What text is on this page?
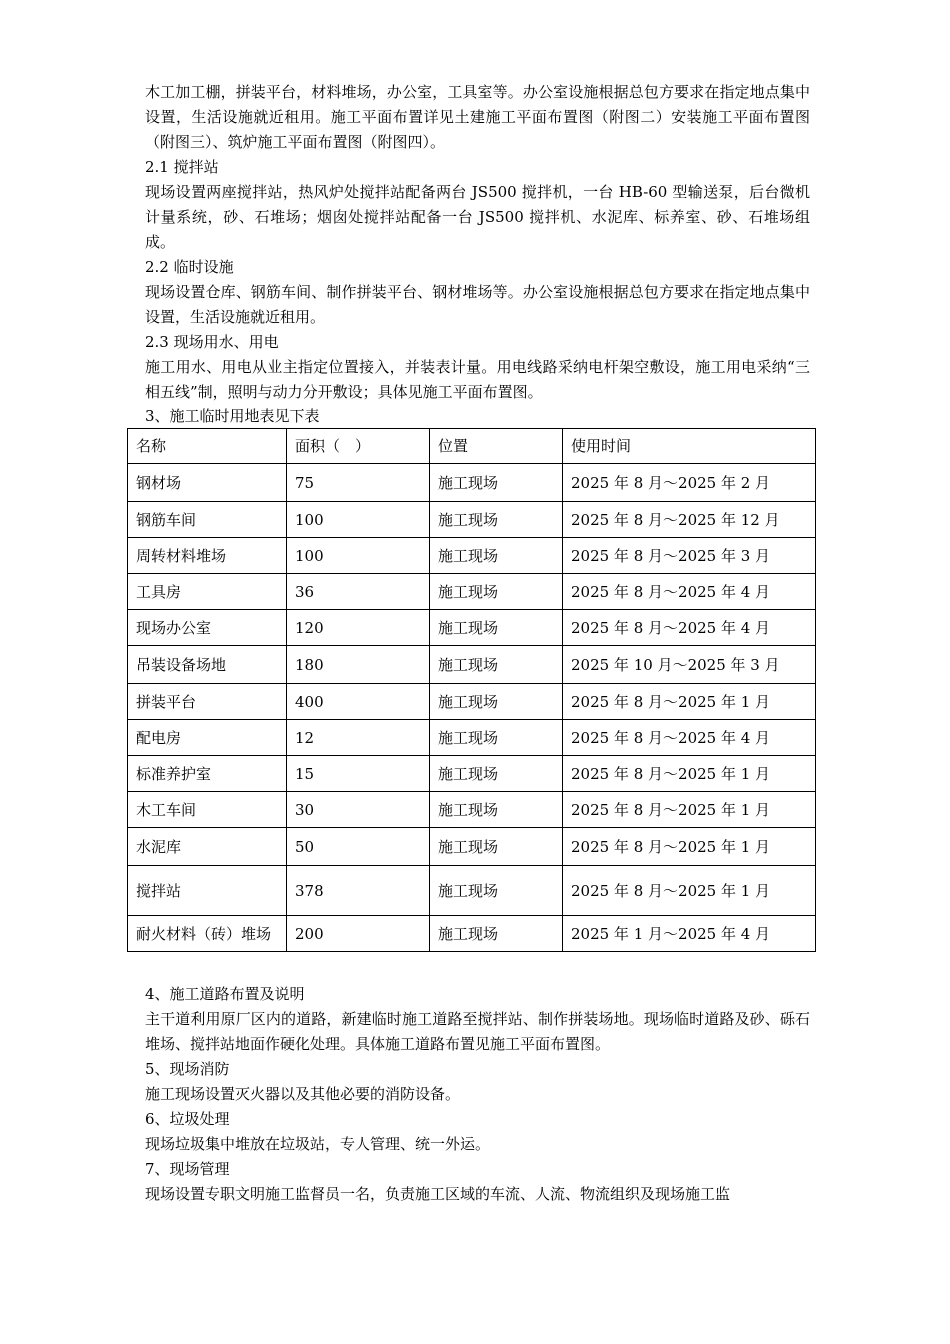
木工加工棚，拼装平台，材料堆场，办公室，工具室等。办公室设施根据总包方要求在指定地点集中设置，生活设施就近租用。施工平面布置详见土建施工平面布置图（附图二）安装施工平面布置图（附图三）、筑炉施工平面布置图（附图四）。

2.1 搅拌站

现场设置两座搅拌站，热风炉处搅拌站配备两台 JS500 搅拌机，一台 HB-60 型输送泵，后台微机计量系统，砂、石堆场；烟囱处搅拌站配备一台 JS500 搅拌机、水泥库、标养室、砂、石堆场组成。

2.2 临时设施

现场设置仓库、钢筋车间、制作拼装平台、钢材堆场等。办公室设施根据总包方要求在指定地点集中设置，生活设施就近租用。

2.3 现场用水、用电

施工用水、用电从业主指定位置接入，并装表计量。用电线路采纳电杆架空敷设，施工用电采纳“三相五线”制，照明与动力分开敷设；具体见施工平面布置图。

3、施工临时用地表见下表

名称	面积（　）	位置	使用时间
钢材场	75	施工现场	2025 年 8 月～2025 年 2 月
钢筋车间	100	施工现场	2025 年 8 月～2025 年 12 月
周转材料堆场	100	施工现场	2025 年 8 月～2025 年 3 月
工具房	36	施工现场	2025 年 8 月～2025 年 4 月
现场办公室	120	施工现场	2025 年 8 月～2025 年 4 月
吊装设备场地	180	施工现场	2025 年 10 月～2025 年 3 月
拼装平台	400	施工现场	2025 年 8 月～2025 年 1 月
配电房	12	施工现场	2025 年 8 月～2025 年 4 月
标准养护室	15	施工现场	2025 年 8 月～2025 年 1 月
木工车间	30	施工现场	2025 年 8 月～2025 年 1 月
水泥库	50	施工现场	2025 年 8 月～2025 年 1 月
搅拌站	378	施工现场	2025 年 8 月～2025 年 1 月
耐火材料（砖）堆场	200	施工现场	2025 年 1 月～2025 年 4 月

4、施工道路布置及说明

主干道利用原厂区内的道路，新建临时施工道路至搅拌站、制作拼装场地。现场临时道路及砂、砾石堆场、搅拌站地面作硬化处理。具体施工道路布置见施工平面布置图。

5、现场消防

施工现场设置灭火器以及其他必要的消防设备。

6、垃圾处理

现场垃圾集中堆放在垃圾站，专人管理、统一外运。

7、现场管理

现场设置专职文明施工监督员一名，负责施工区域的车流、人流、物流组织及现场施工监
